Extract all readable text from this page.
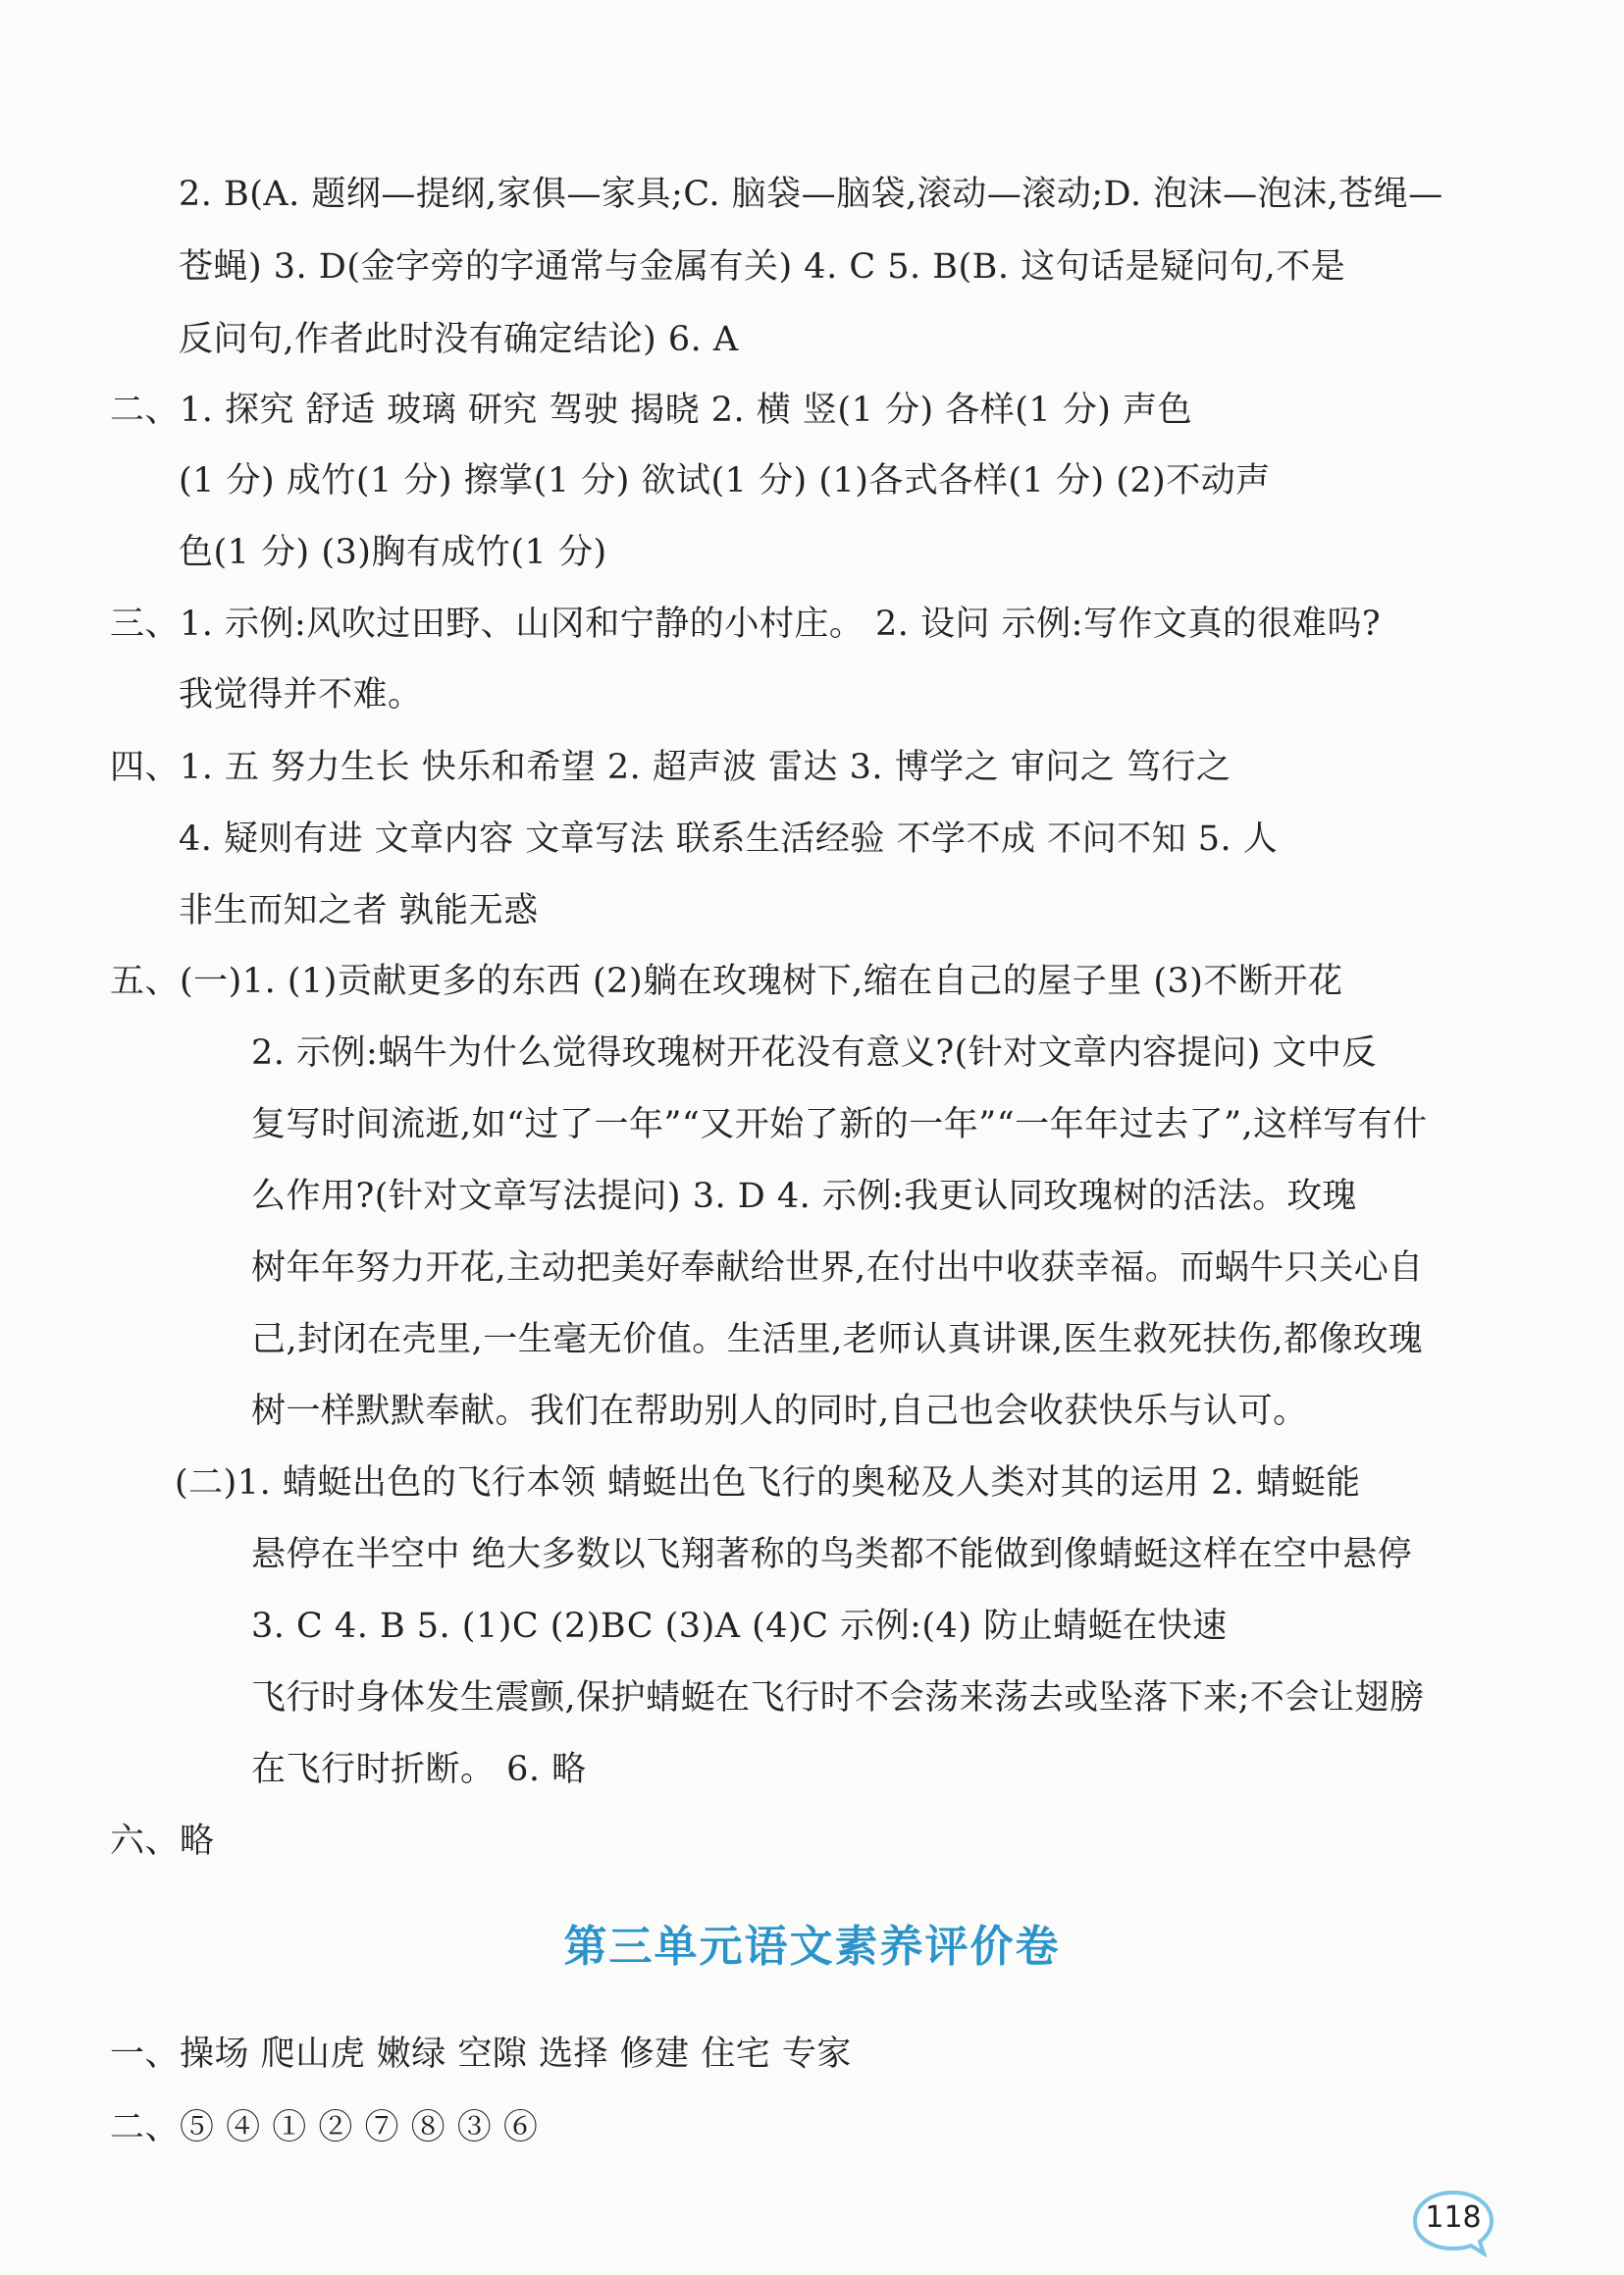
2. B(A. 题纲—提纲,家俱—家具;C. 脑袋—脑袋,滚动—滚动;D. 泡沫—泡沫,苍绳—
苍蝇) 3. D(金字旁的字通常与金属有关) 4. C 5. B(B. 这句话是疑问句,不是
反问句,作者此时没有确定结论) 6. A
二、1. 探究 舒适 玻璃 研究 驾驶 揭晓 2. 横 竖(1 分) 各样(1 分) 声色
(1 分) 成竹(1 分) 擦掌(1 分) 欲试(1 分) (1)各式各样(1 分) (2)不动声
色(1 分) (3)胸有成竹(1 分)
三、1. 示例:风吹过田野、山冈和宁静的小村庄。 2. 设问 示例:写作文真的很难吗?
我觉得并不难。
四、1. 五 努力生长 快乐和希望 2. 超声波 雷达 3. 博学之 审问之 笃行之
4. 疑则有进 文章内容 文章写法 联系生活经验 不学不成 不问不知 5. 人
非生而知之者 孰能无惑
五、(一)1. (1)贡献更多的东西 (2)躺在玫瑰树下,缩在自己的屋子里 (3)不断开花
2. 示例:蜗牛为什么觉得玫瑰树开花没有意义?(针对文章内容提问) 文中反
复写时间流逝,如“过了一年”“又开始了新的一年”“一年年过去了”,这样写有什
么作用?(针对文章写法提问) 3. D 4. 示例:我更认同玫瑰树的活法。玫瑰
树年年努力开花,主动把美好奉献给世界,在付出中收获幸福。而蜗牛只关心自
己,封闭在壳里,一生毫无价值。生活里,老师认真讲课,医生救死扶伤,都像玫瑰
树一样默默奉献。我们在帮助别人的同时,自己也会收获快乐与认可。
(二)1. 蜻蜓出色的飞行本领 蜻蜓出色飞行的奥秘及人类对其的运用 2. 蜻蜓能
悬停在半空中 绝大多数以飞翔著称的鸟类都不能做到像蜻蜓这样在空中悬停
3. C 4. B 5. (1)C (2)BC (3)A (4)C 示例:(4) 防止蜻蜓在快速
飞行时身体发生震颤,保护蜻蜓在飞行时不会荡来荡去或坠落下来;不会让翅膀
在飞行时折断。 6. 略
六、略
第三单元语文素养评价卷
一、操场 爬山虎 嫩绿 空隙 选择 修建 住宅 专家
二、⑤ ④ ① ② ⑦ ⑧ ③ ⑥
118
